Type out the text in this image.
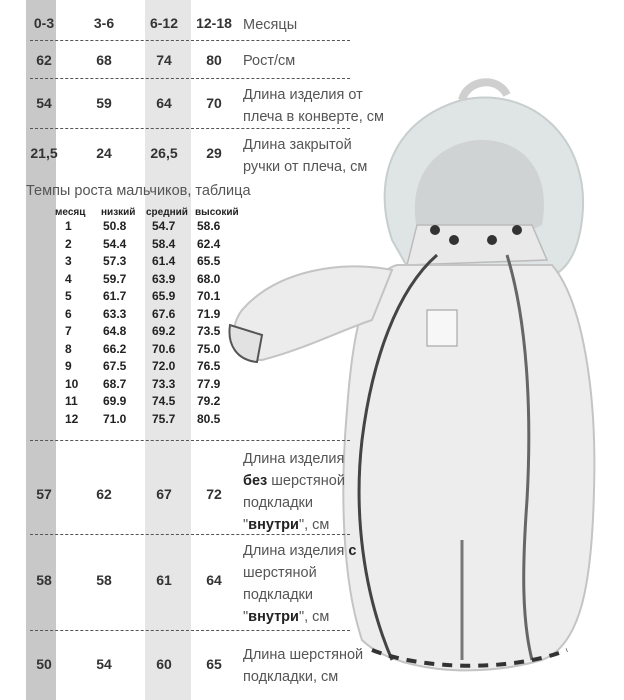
0-3	3-6	6-12	12-18 Месяцы
62	68	74	80	Рост/см
54	59	64	70	Длина изделия от
плеча в конверте, см
21,5	24	26,5	29	Длина закрытой
ручки от плеча, см
Темпы роста мальчиков, таблица
месяц низкий средний высокий
1	50.8 54.7 58.6
2	54.4 58.4 62.4
3	57.3 61.4 65.5
4	59.7 63.9 68.0
5	61.7 65.9 70.1
6	63.3 67.6 71.9
7	64.8 69.2 73.5
8	66.2 70.6 75.0
9	67.5 72.0 76.5
10 68.7 73.3 77.9
11 69.9 74.5 79.2
12 71.0 75.7 80.5
57	62	67	72
Длина изделия
без шерстяной
подкладки
"внутри", см
58	58	61	64
Длина изделия с
шерстяной
подкладки
"внутри", см
50	54	60	65
Длина шерстяной
подкладки, см
